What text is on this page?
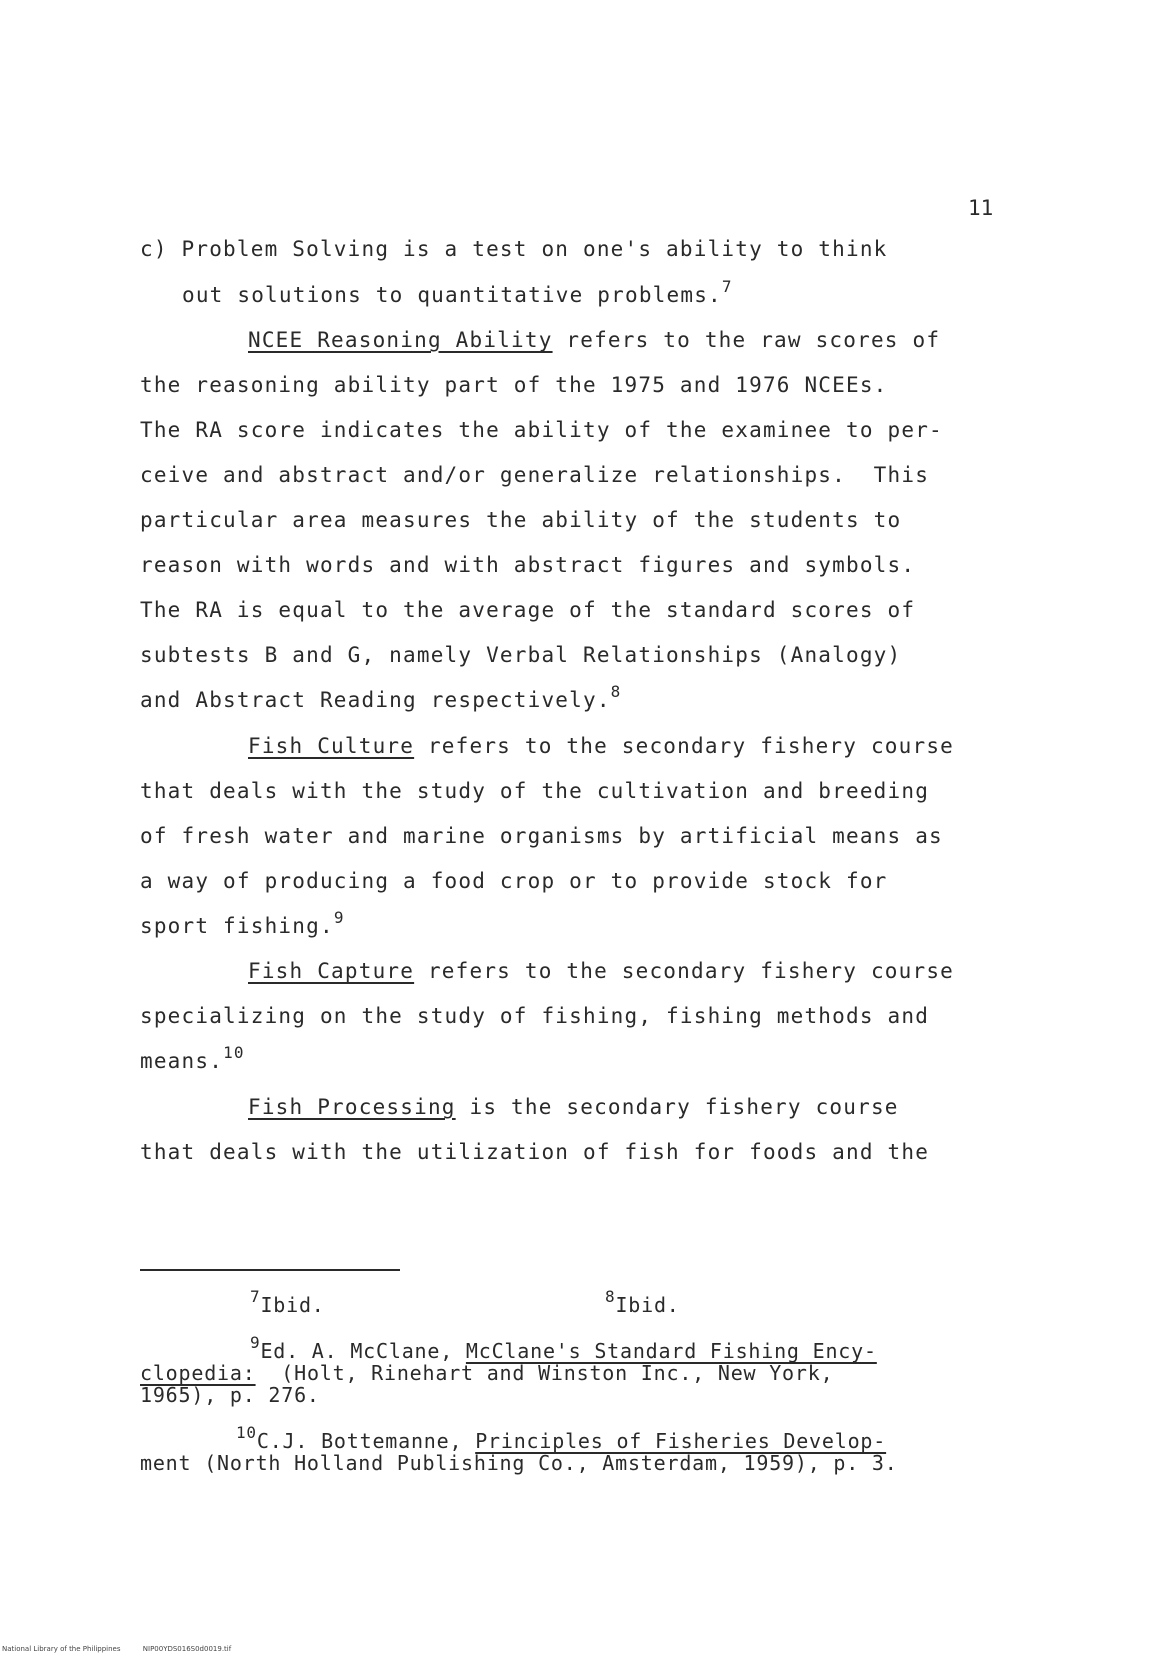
11
c) Problem Solving is a test on one's ability to think
out solutions to quantitative problems.$^7$
NCEE Reasoning Ability refers to the raw scores of
the reasoning ability part of the 1975 and 1976 NCEEs.
The RA score indicates the ability of the examinee to per-
ceive and abstract and/or generalize relationships.  This
particular area measures the ability of the students to
reason with words and with abstract figures and symbols.
The RA is equal to the average of the standard scores of
subtests B and G, namely Verbal Relationships (Analogy)
and Abstract Reading respectively.$^8$
Fish Culture refers to the secondary fishery course
that deals with the study of the cultivation and breeding
of fresh water and marine organisms by artificial means as
a way of producing a food crop or to provide stock for
sport fishing.$^9$
Fish Capture refers to the secondary fishery course
specializing on the study of fishing, fishing methods and
means.$^{10}$
Fish Processing is the secondary fishery course
that deals with the utilization of fish for foods and the
$^7$Ibid.	$^8$Ibid.
$^9$Ed. A. McClane, McClane's Standard Fishing Ency-
clopedia:  (Holt, Rinehart and Winston Inc., New York,
1965), p. 276.
$^{10}$C.J. Bottemanne, Principles of Fisheries Develop-
ment (North Holland Publishing Co., Amsterdam, 1959), p. 3.
National Library of the Philippines	NIP00YDS016S0d0019.tif
